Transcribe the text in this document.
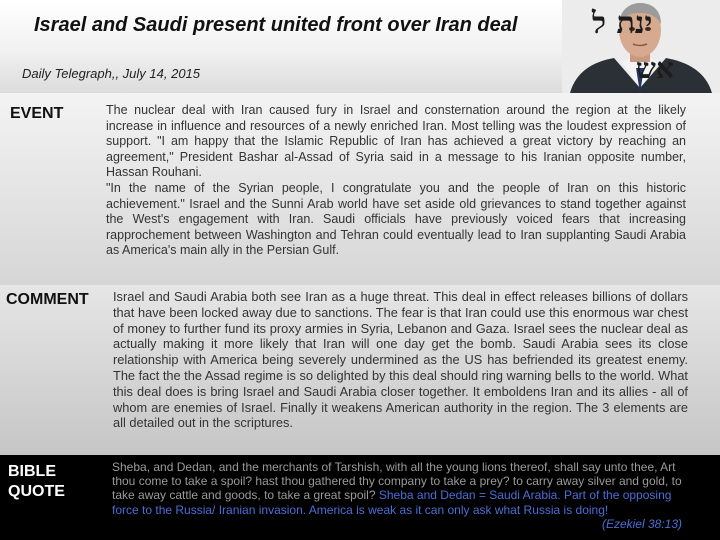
Israel and Saudi present united front over Iran deal
Daily Telegraph,, July 14, 2015
ינת ל
אש
EVENT	The nuclear deal with Iran caused fury in Israel and consternation around the region at the likely increase in influence and resources of a newly enriched Iran. Most telling was the loudest expression of support. "I am happy that the Islamic Republic of Iran has achieved a great victory by reaching an agreement," President Bashar al-Assad of Syria said in a message to his Iranian opposite number, Hassan Rouhani.
"In the name of the Syrian people, I congratulate you and the people of Iran on this historic achievement." Israel and the Sunni Arab world have set aside old grievances to stand together against the West's engagement with Iran. Saudi officials have previously voiced fears that increasing rapprochement between Washington and Tehran could eventually lead to Iran supplanting Saudi Arabia as America's main ally in the Persian Gulf.
COMMENT Israel and Saudi Arabia both see Iran as a huge threat. This deal in effect releases billions of dollars that have been locked away due to sanctions. The fear is that Iran could use this enormous war chest of money to further fund its proxy armies in Syria, Lebanon and Gaza. Israel sees the nuclear deal as actually making it more likely that Iran will one day get the bomb. Saudi Arabia sees its close relationship with America being severely undermined as the US has befriended its greatest enemy. The fact the the Assad regime is so delighted by this deal should ring warning bells to the world. What this deal does is bring Israel and Saudi Arabia closer together. It emboldens Iran and its allies - all of whom are enemies of Israel. Finally it weakens American authority in the region. The 3 elements are all detailed out in the scriptures.
BIBLE QUOTE
Sheba, and Dedan, and the merchants of Tarshish, with all the young lions thereof, shall say unto thee, Art thou come to take a spoil? hast thou gathered thy company to take a prey? to carry away silver and gold, to take away cattle and goods, to take a great spoil? Sheba and Dedan = Saudi Arabia. Part of the opposing force to the Russia/ Iranian invasion. America is weak as it can only ask what Russia is doing!
(Ezekiel 38:13)
